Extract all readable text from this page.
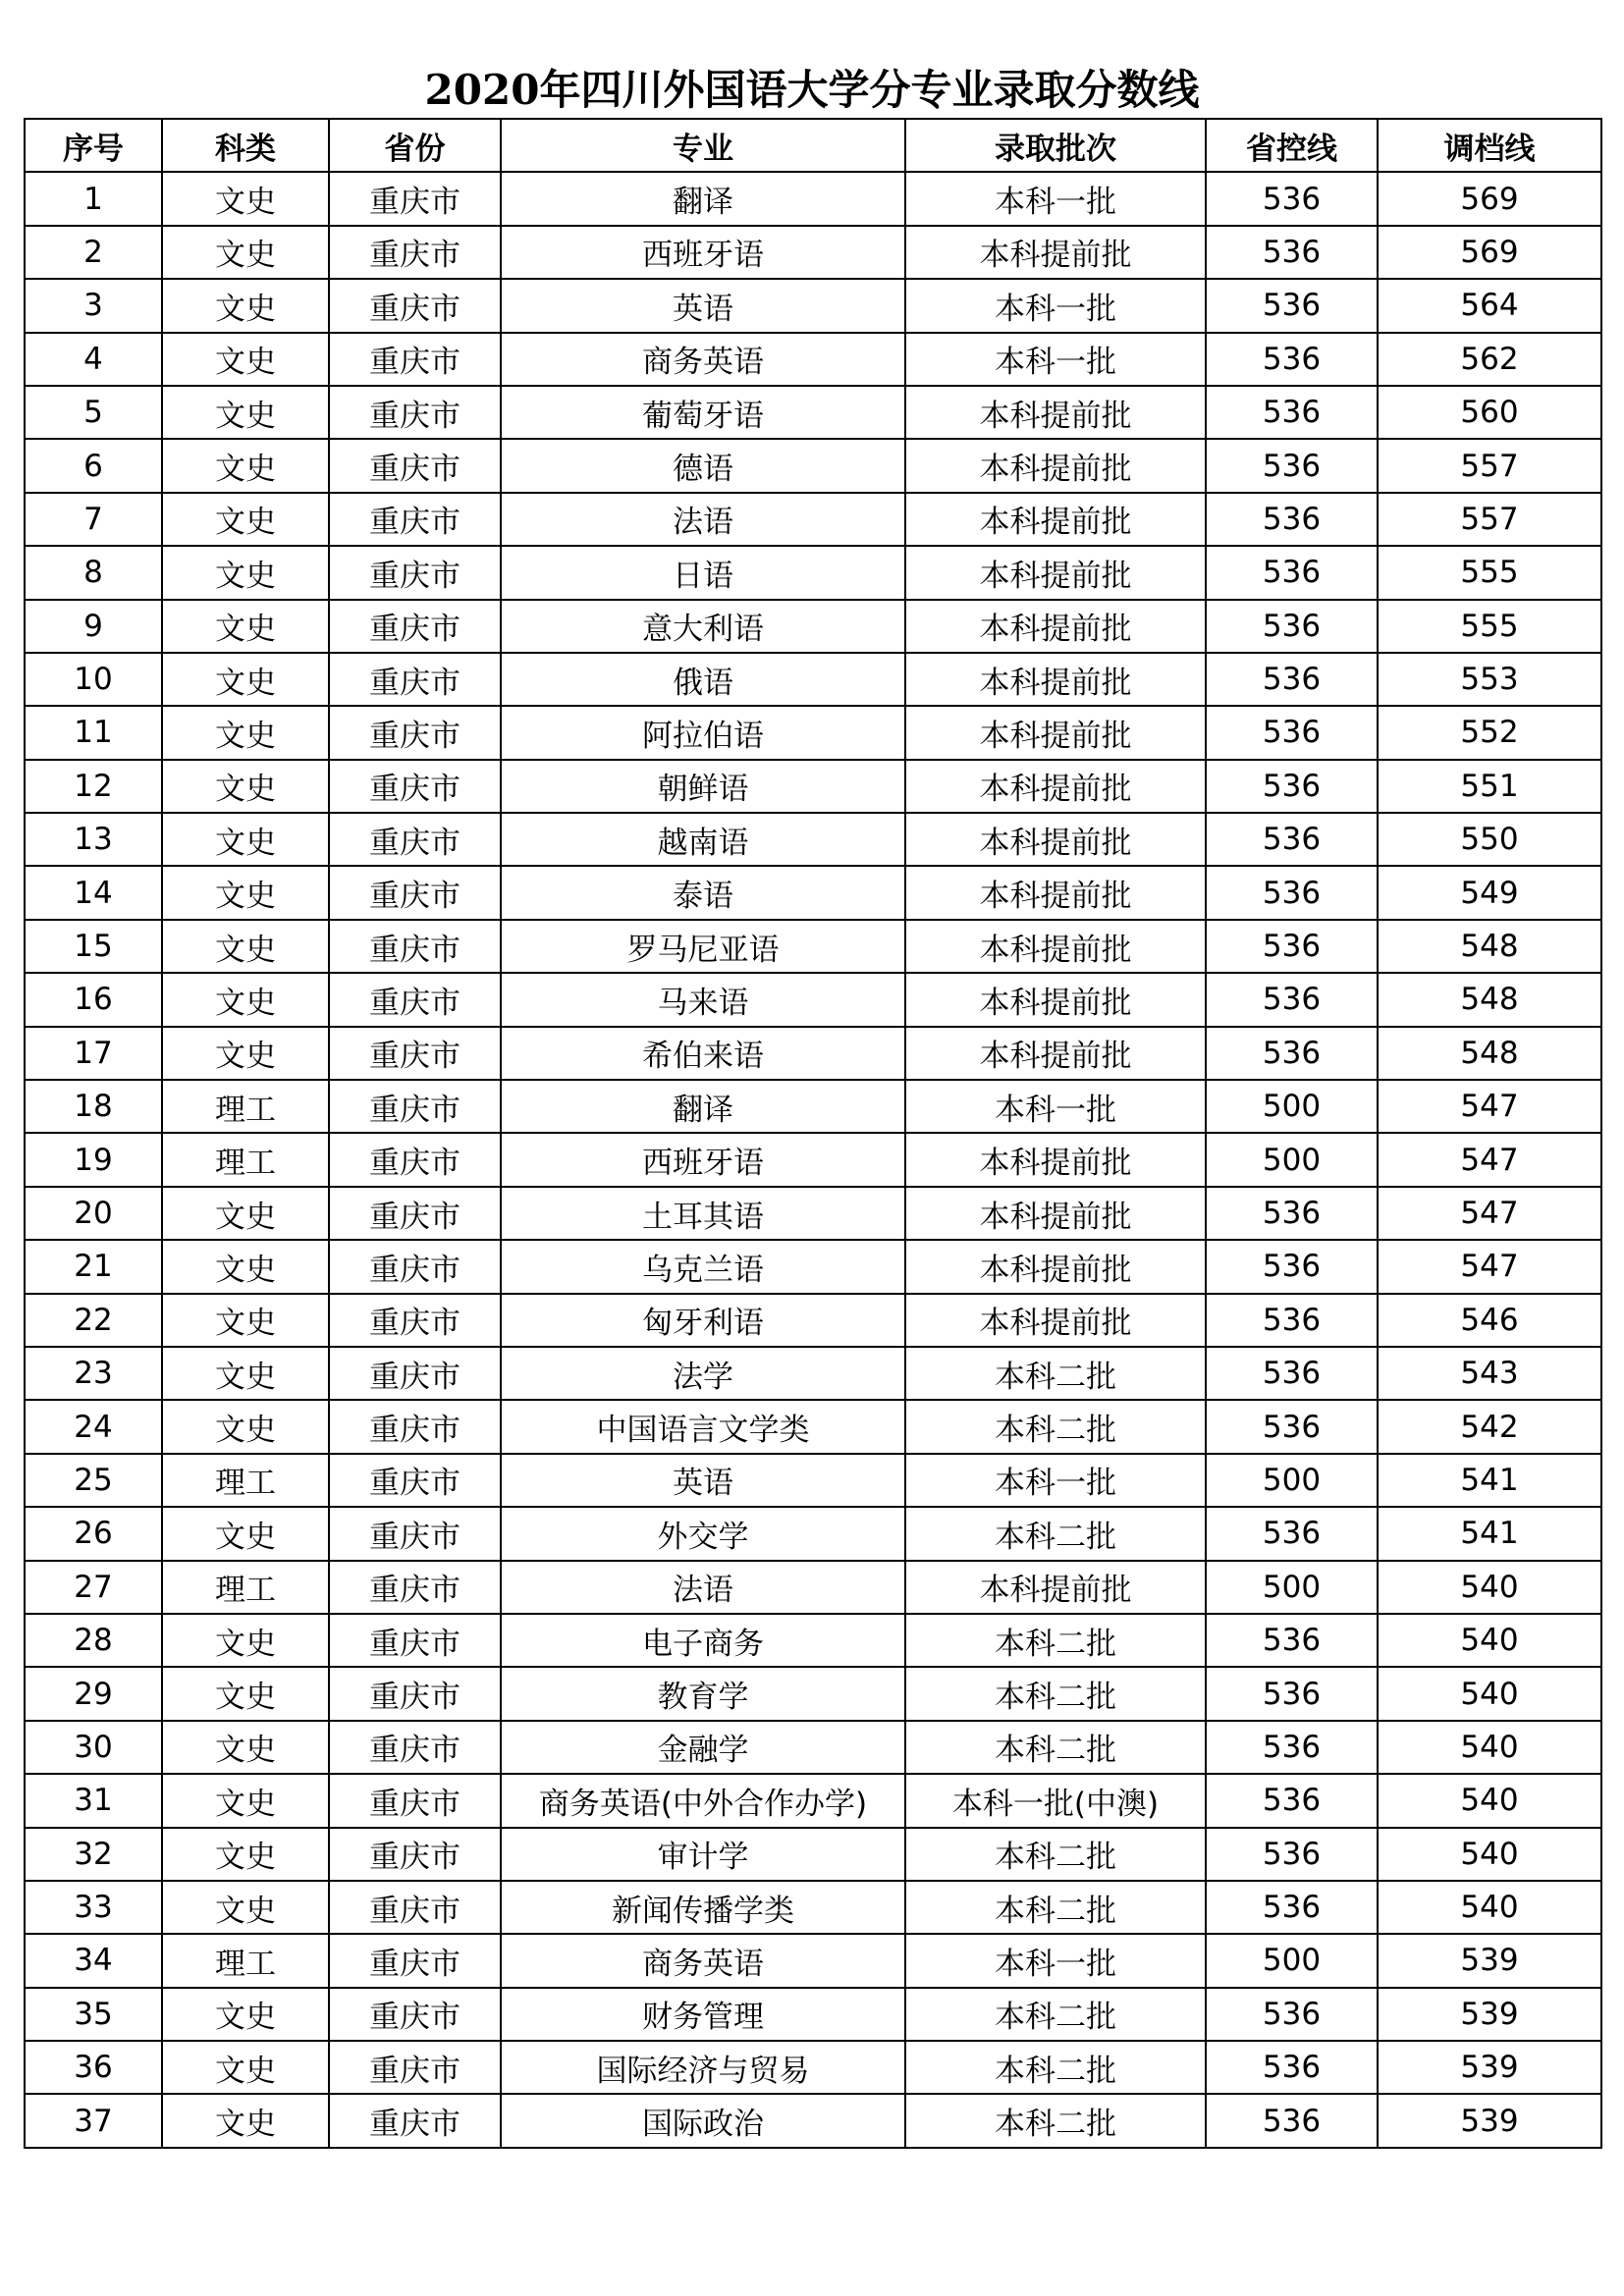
2020年四川外国语大学分专业录取分数线
序号	科类	省份	专业	录取批次	省控线	调档线
1	文史	重庆市	翻译	本科一批	536	569
2	文史	重庆市	西班牙语	本科提前批	536	569
3	文史	重庆市	英语	本科一批	536	564
4	文史	重庆市	商务英语	本科一批	536	562
5	文史	重庆市	葡萄牙语	本科提前批	536	560
6	文史	重庆市	德语	本科提前批	536	557
7	文史	重庆市	法语	本科提前批	536	557
8	文史	重庆市	日语	本科提前批	536	555
9	文史	重庆市	意大利语	本科提前批	536	555
10	文史	重庆市	俄语	本科提前批	536	553
11	文史	重庆市	阿拉伯语	本科提前批	536	552
12	文史	重庆市	朝鲜语	本科提前批	536	551
13	文史	重庆市	越南语	本科提前批	536	550
14	文史	重庆市	泰语	本科提前批	536	549
15	文史	重庆市	罗马尼亚语	本科提前批	536	548
16	文史	重庆市	马来语	本科提前批	536	548
17	文史	重庆市	希伯来语	本科提前批	536	548
18	理工	重庆市	翻译	本科一批	500	547
19	理工	重庆市	西班牙语	本科提前批	500	547
20	文史	重庆市	土耳其语	本科提前批	536	547
21	文史	重庆市	乌克兰语	本科提前批	536	547
22	文史	重庆市	匈牙利语	本科提前批	536	546
23	文史	重庆市	法学	本科二批	536	543
24	文史	重庆市	中国语言文学类	本科二批	536	542
25	理工	重庆市	英语	本科一批	500	541
26	文史	重庆市	外交学	本科二批	536	541
27	理工	重庆市	法语	本科提前批	500	540
28	文史	重庆市	电子商务	本科二批	536	540
29	文史	重庆市	教育学	本科二批	536	540
30	文史	重庆市	金融学	本科二批	536	540
31	文史	重庆市	商务英语(中外合作办学)	本科一批(中澳)	536	540
32	文史	重庆市	审计学	本科二批	536	540
33	文史	重庆市	新闻传播学类	本科二批	536	540
34	理工	重庆市	商务英语	本科一批	500	539
35	文史	重庆市	财务管理	本科二批	536	539
36	文史	重庆市	国际经济与贸易	本科二批	536	539
37	文史	重庆市	国际政治	本科二批	536	539
